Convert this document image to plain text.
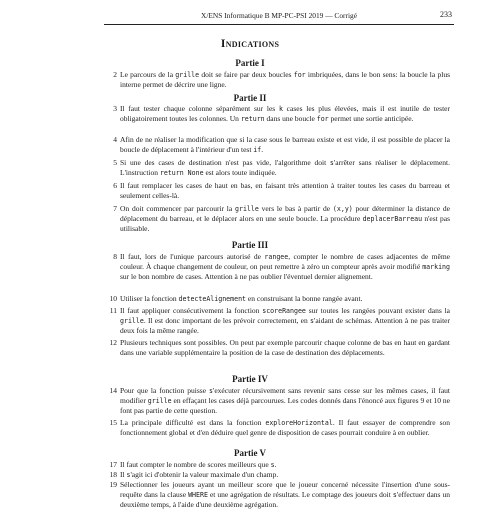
X/ENS Informatique B MP-PC-PSI 2019 — Corrigé	233
Indications
Partie I
2 Le parcours de la grille doit se faire par deux boucles for imbriquées, dans le bon sens: la boucle la plus interne permet de décrire une ligne.
Partie II
3 Il faut tester chaque colonne séparément sur les k cases les plus élevées, mais il est inutile de tester obligatoirement toutes les colonnes. Un return dans une boucle for permet une sortie anticipée.
4 Afin de ne réaliser la modification que si la case sous le barreau existe et est vide, il est possible de placer la boucle de déplacement à l'intérieur d'un test if.
5 Si une des cases de destination n'est pas vide, l'algorithme doit s'arrêter sans réaliser le déplacement. L'instruction return None est alors toute indiquée.
6 Il faut remplacer les cases de haut en bas, en faisant très attention à traiter toutes les cases du barreau et seulement celles-là.
7 On doit commencer par parcourir la grille vers le bas à partir de (x,y) pour déterminer la distance de déplacement du barreau, et le déplacer alors en une seule boucle. La procédure deplacerBarreau n'est pas utilisable.
Partie III
8 Il faut, lors de l'unique parcours autorisé de rangee, compter le nombre de cases adjacentes de même couleur. À chaque changement de couleur, on peut remettre à zéro un compteur après avoir modifié marking sur le bon nombre de cases. Attention à ne pas oublier l'éventuel dernier alignement.
10 Utiliser la fonction detecteAlignement en construisant la bonne rangée avant.
11 Il faut appliquer consécutivement la fonction scoreRangee sur toutes les rangées pouvant exister dans la grille. Il est donc important de les prévoir correctement, en s'aidant de schémas. Attention à ne pas traiter deux fois la même rangée.
12 Plusieurs techniques sont possibles. On peut par exemple parcourir chaque colonne de bas en haut en gardant dans une variable supplémentaire la position de la case de destination des déplacements.
Partie IV
14 Pour que la fonction puisse s'exécuter récursivement sans revenir sans cesse sur les mêmes cases, il faut modifier grille en effaçant les cases déjà parcourues. Les codes donnés dans l'énoncé aux figures 9 et 10 ne font pas partie de cette question.
15 La principale difficulté est dans la fonction exploreHorizontal. Il faut essayer de comprendre son fonctionnement global et d'en déduire quel genre de disposition de cases pourrait conduire à en oublier.
Partie V
17 Il faut compter le nombre de scores meilleurs que s.
18 Il s'agit ici d'obtenir la valeur maximale d'un champ.
19 Sélectionner les joueurs ayant un meilleur score que le joueur concerné nécessite l'insertion d'une sous-requête dans la clause WHERE et une agrégation de résultats. Le comptage des joueurs doit s'effectuer dans un deuxième temps, à l'aide d'une deuxième agrégation.
